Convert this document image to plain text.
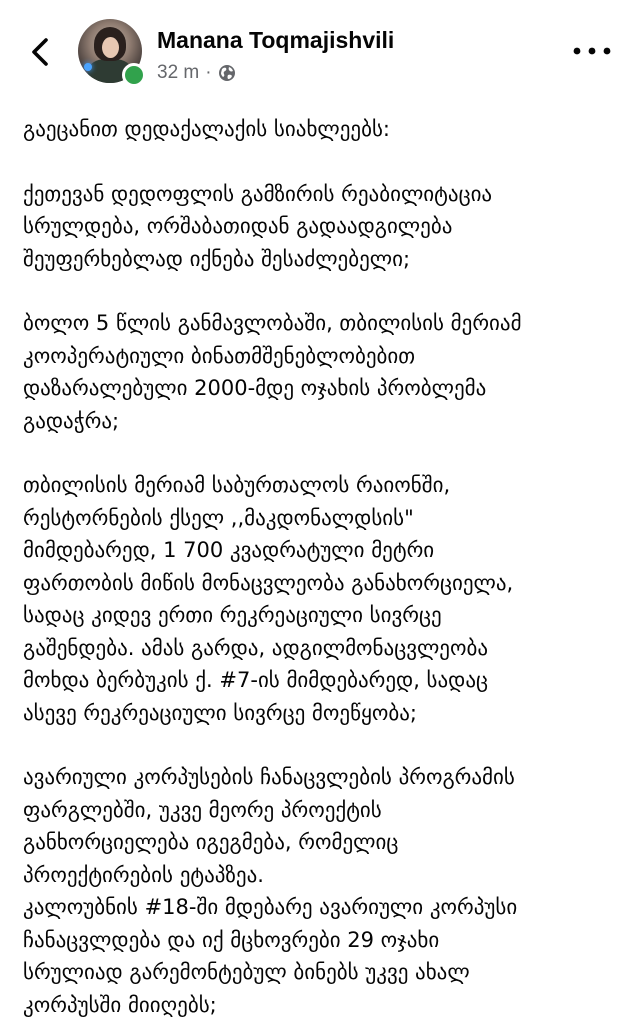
Manana Toqmajishvili
32 m ·
გაეცანით დედაქალაქის სიახლეებს:
ქეთევან დედოფლის გამზირის რეაბილიტაცია
სრულდება, ორშაბათიდან გადაადგილება
შეუფერხებლად იქნება შესაძლებელი;
ბოლო 5 წლის განმავლობაში, თბილისის მერიამ
კოოპერატიული ბინათმშენებლობებით
დაზარალებული 2000-მდე ოჯახის პრობლემა
გადაჭრა;
თბილისის მერიამ საბურთალოს რაიონში,
რესტორნების ქსელ ,,მაკდონალდსის"
მიმდებარედ, 1 700 კვადრატული მეტრი
ფართობის მიწის მონაცვლეობა განახორციელა,
სადაც კიდევ ერთი რეკრეაციული სივრცე
გაშენდება. ამას გარდა, ადგილმონაცვლეობა
მოხდა ბერბუკის ქ. #7-ის მიმდებარედ, სადაც
ასევე რეკრეაციული სივრცე მოეწყობა;
ავარიული კორპუსების ჩანაცვლების პროგრამის
ფარგლებში, უკვე მეორე პროექტის
განხორციელება იგეგმება, რომელიც
პროექტირების ეტაპზეა.
კალოუბნის #18-ში მდებარე ავარიული კორპუსი
ჩანაცვლდება და იქ მცხოვრები 29 ოჯახი
სრულიად გარემონტებულ ბინებს უკვე ახალ
კორპუსში მიიღებს;
